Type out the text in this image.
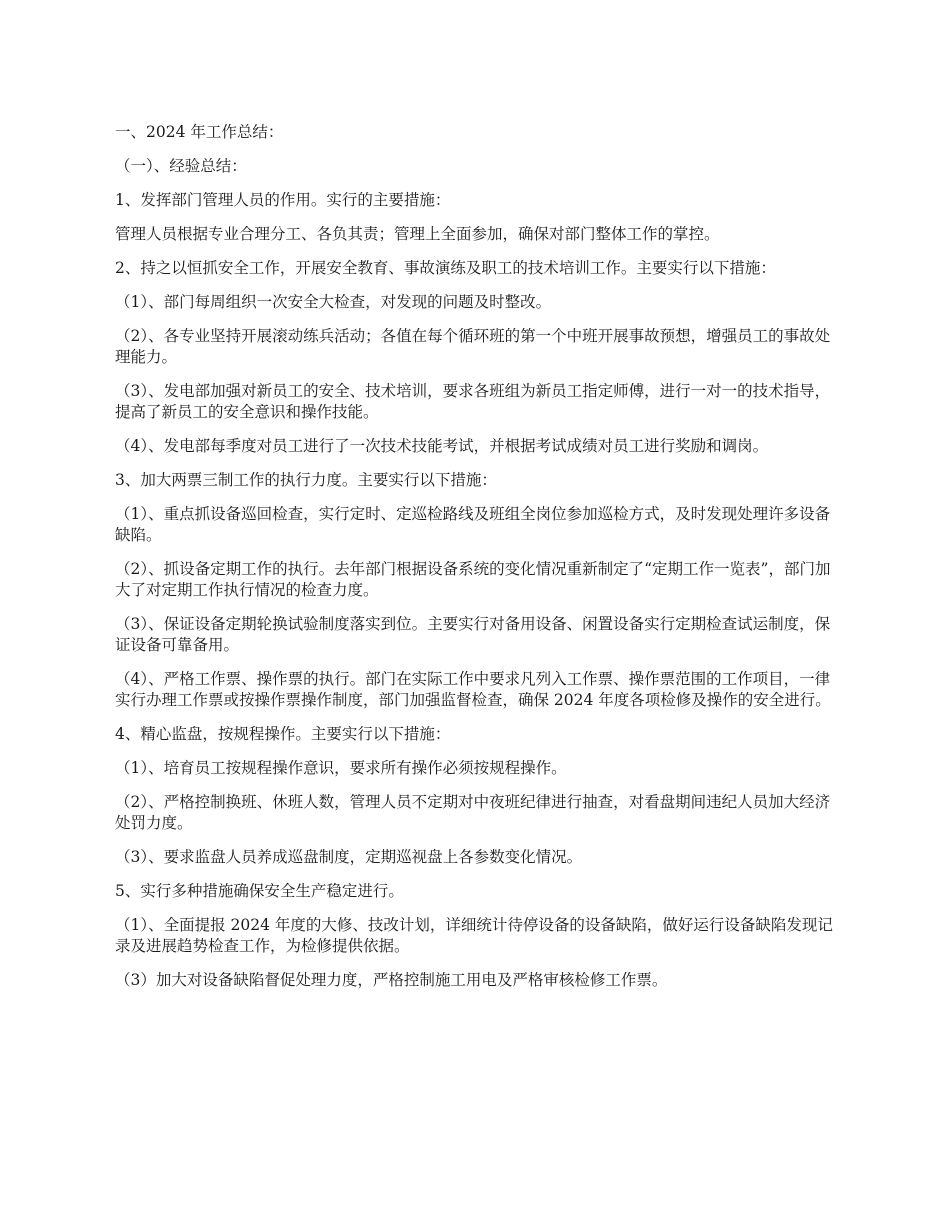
一、2024 年工作总结：

（一）、经验总结：

1、发挥部门管理人员的作用。实行的主要措施：

管理人员根据专业合理分工、各负其责；管理上全面参加，确保对部门整体工作的掌控。

2、持之以恒抓安全工作，开展安全教育、事故演练及职工的技术培训工作。主要实行以下措施：

（1）、部门每周组织一次安全大检查，对发现的问题及时整改。

（2）、各专业坚持开展滚动练兵活动；各值在每个循环班的第一个中班开展事故预想，增强员工的事故处理能力。

（3）、发电部加强对新员工的安全、技术培训，要求各班组为新员工指定师傅，进行一对一的技术指导，提高了新员工的安全意识和操作技能。

（4）、发电部每季度对员工进行了一次技术技能考试，并根据考试成绩对员工进行奖励和调岗。

3、加大两票三制工作的执行力度。主要实行以下措施：

（1）、重点抓设备巡回检查，实行定时、定巡检路线及班组全岗位参加巡检方式，及时发现处理许多设备缺陷。

（2）、抓设备定期工作的执行。去年部门根据设备系统的变化情况重新制定了“定期工作一览表”，部门加大了对定期工作执行情况的检查力度。

（3）、保证设备定期轮换试验制度落实到位。主要实行对备用设备、闲置设备实行定期检查试运制度，保证设备可靠备用。

（4）、严格工作票、操作票的执行。部门在实际工作中要求凡列入工作票、操作票范围的工作项目，一律实行办理工作票或按操作票操作制度，部门加强监督检查，确保 2024 年度各项检修及操作的安全进行。

4、精心监盘，按规程操作。主要实行以下措施：

（1）、培育员工按规程操作意识，要求所有操作必须按规程操作。

（2）、严格控制换班、休班人数，管理人员不定期对中夜班纪律进行抽查，对看盘期间违纪人员加大经济处罚力度。

（3）、要求监盘人员养成巡盘制度，定期巡视盘上各参数变化情况。

5、实行多种措施确保安全生产稳定进行。

（1）、全面提报 2024 年度的大修、技改计划，详细统计待停设备的设备缺陷，做好运行设备缺陷发现记录及进展趋势检查工作，为检修提供依据。

（3）加大对设备缺陷督促处理力度，严格控制施工用电及严格审核检修工作票。
